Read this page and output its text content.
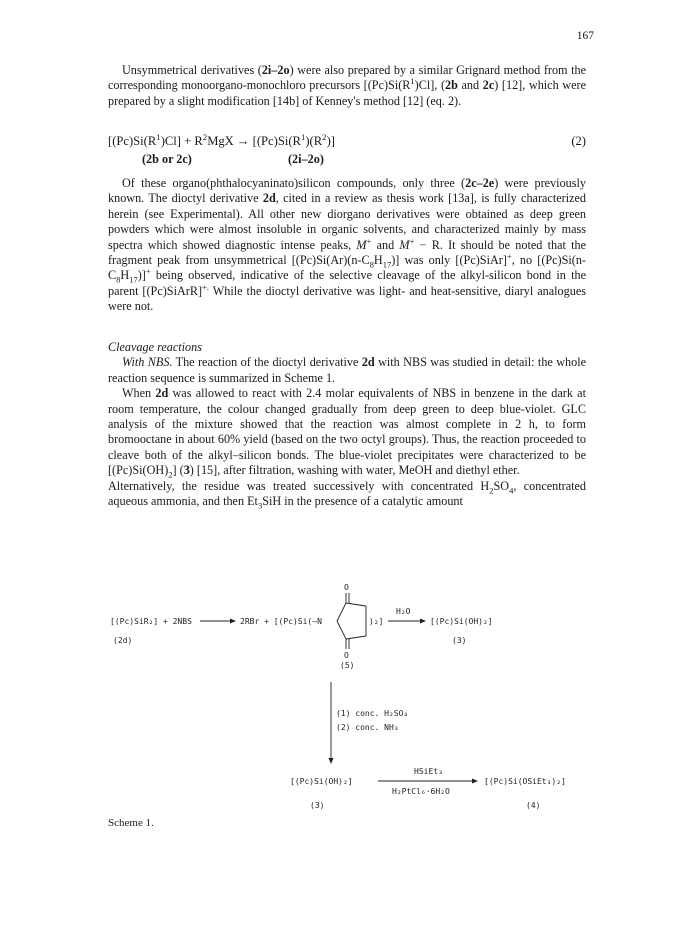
167

Unsymmetrical derivatives (2i–2o) were also prepared by a similar Grignard method from the corresponding monoorgano-monochloro precursors $[(Pc)Si(R^1)Cl]$, (2b and 2c) [12], which were prepared by a slight modification [14b] of Kenney's method [12] (eq. 2).

$[(Pc)Si(R^1)Cl] + R^2MgX \to [(Pc)Si(R^1)(R^2)]$	(2)
(2b or 2c)	(2i–2o)

Of these organo(phthalocyaninato)silicon compounds, only three (2c–2e) were previously known. The dioctyl derivative 2d, cited in a review as thesis work [13a], is fully characterized herein (see Experimental). All other new diorgano derivatives were obtained as deep green powders which were almost insoluble in organic solvents, and characterized mainly by mass spectra which showed diagnostic intense peaks, M+ and M+ − R. It should be noted that the fragment peak from unsymmetrical $[(Pc)Si(Ar)(n-C_8H_{17})]$ was only [(Pc)SiAr]+, no $[(Pc)Si(n-C_8H_{17})]^+$ being observed, indicative of the selective cleavage of the alkyl-silicon bond in the parent [(Pc)SiArR]+. While the dioctyl derivative was light- and heat-sensitive, diaryl analogues were not.

Cleavage reactions

With NBS. The reaction of the dioctyl derivative 2d with NBS was studied in detail: the whole reaction sequence is summarized in Scheme 1.

When 2d was allowed to react with 2.4 molar equivalents of NBS in benzene in the dark at room temperature, the colour changed gradually from deep green to deep blue-violet. GLC analysis of the mixture showed that the reaction was almost complete in 2 h, to form bromooctane in about 60% yield (based on the two octyl groups). Thus, the reaction proceeded to cleave both of the alkyl–silicon bonds. The blue-violet precipitates were characterized to be $[(Pc)Si(OH)_2]$ (3) [15], after filtration, washing with water, MeOH and diethyl ether.

Alternatively, the residue was treated successively with concentrated $H_2SO_4$, concentrated aqueous ammonia, and then $Et_3SiH$ in the presence of a catalytic amount

[(Pc)SiR₂] + 2NBS	2RBr + [(Pc)Si(—N
O
O
)₂]
H₂O
[(Pc)Si(OH)₂]
(2d)	(3)
(5)
(1) conc. H₂SO₄
(2) conc. NH₃
[(Pc)Si(OH)₂]
HSiEt₃
H₂PtCl₆·6H₂O
[(Pc)Si(OSiEt₃)₂]
(3)	(4)
Scheme 1.
